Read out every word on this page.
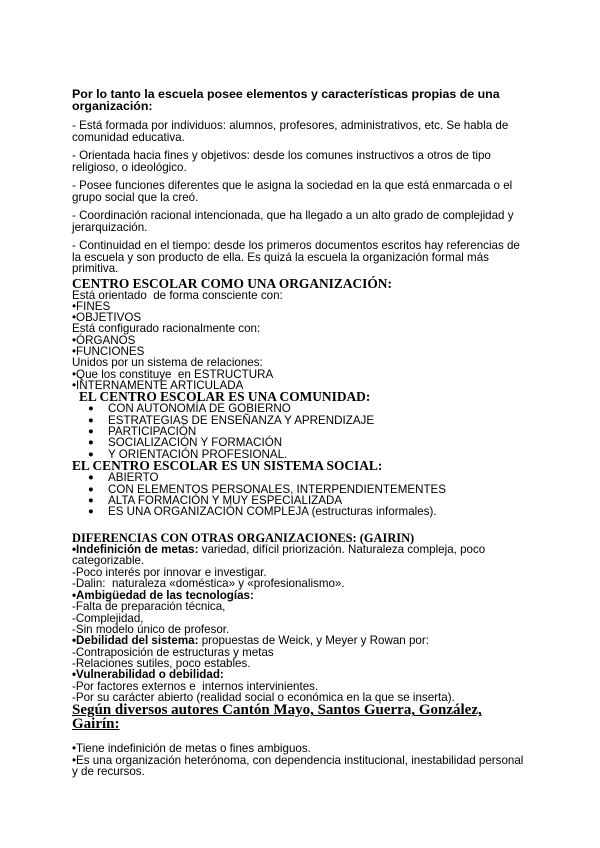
Por lo tanto la escuela posee elementos y características propias de una organización:

- Está formada por individuos: alumnos, profesores, administrativos, etc. Se habla de comunidad educativa.

- Orientada hacia fines y objetivos: desde los comunes instructivos a otros de tipo religioso, o ideológico.

- Posee funciones diferentes que le asigna la sociedad en la que está enmarcada o el grupo social que la creó.

- Coordinación racional intencionada, que ha llegado a un alto grado de complejidad y jerarquización.

- Continuidad en el tiempo: desde los primeros documentos escritos hay referencias de la escuela y son producto de ella. Es quizá la escuela la organización formal más primitiva.

CENTRO ESCOLAR COMO UNA ORGANIZACIÓN:

Está orientado  de forma consciente con:

•FINES

•OBJETIVOS

Está configurado racionalmente con:

•ÓRGANOS

•FUNCIONES

Unidos por un sistema de relaciones:

•Que los constituye  en ESTRUCTURA

•INTERNAMENTE ARTICULADA

EL CENTRO ESCOLAR ES UNA COMUNIDAD:

● CON AUTONOMÍA DE GOBIERNO
● ESTRATEGIAS DE ENSEÑANZA Y APRENDIZAJE
● PARTICIPACIÓN
● SOCIALIZACIÓN Y FORMACIÓN
● Y ORIENTACIÓN PROFESIONAL.

EL CENTRO ESCOLAR ES UN SISTEMA SOCIAL:

● ABIERTO
● CON ELEMENTOS PERSONALES, INTERPENDIENTEMENTES
● ALTA FORMACIÓN Y MUY ESPECIALIZADA
● ES UNA ORGANIZACIÓN COMPLEJA (estructuras informales).

DIFERENCIAS CON OTRAS ORGANIZACIONES: (GAIRIN)

•Indefinición de metas: variedad, difícil priorización. Naturaleza compleja, poco categorizable.

-Poco interés por innovar e investigar.

-Dalin:  naturaleza «doméstica» y «profesionalismo».

•Ambigüedad de las tecnologías:

-Falta de preparación técnica,

-Complejidad,

-Sin modelo único de profesor.

•Debilidad del sistema: propuestas de Weick, y Meyer y Rowan por:

-Contraposición de estructuras y metas

-Relaciones sutiles, poco estables.

•Vulnerabilidad o debilidad:

-Por factores externos e  internos intervinientes.

-Por su carácter abierto (realidad social o económica en la que se inserta).

Según diversos autores Cantón Mayo, Santos Guerra, González, Gairín:

•Tiene indefinición de metas o fines ambiguos.

•Es una organización heterónoma, con dependencia institucional, inestabilidad personal y de recursos.
